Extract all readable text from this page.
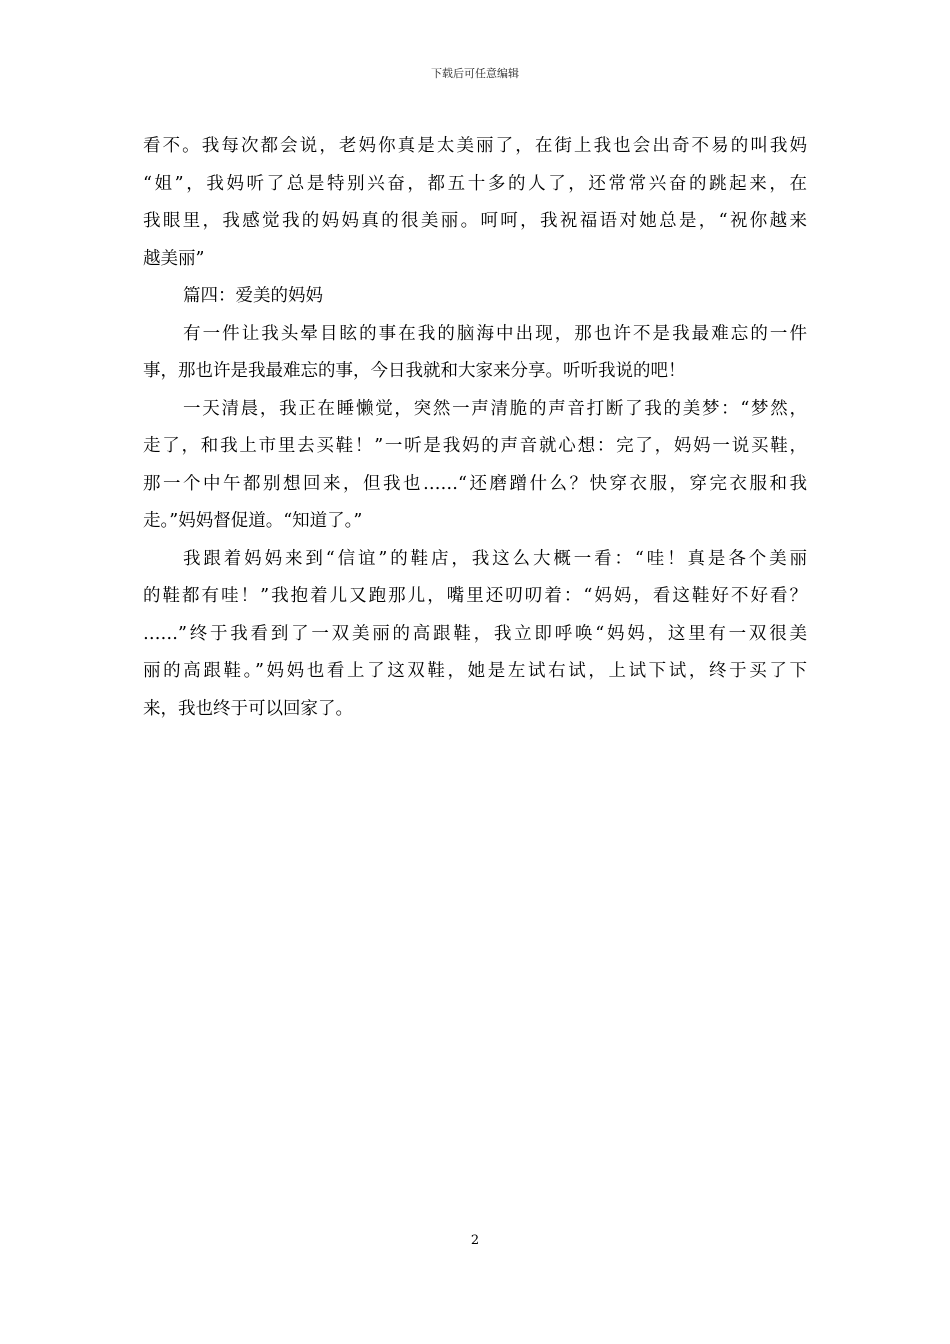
下载后可任意编辑
看不。我每次都会说，老妈你真是太美丽了，在街上我也会出奇不易的叫我妈
“姐”，我妈听了总是特别兴奋，都五十多的人了，还常常兴奋的跳起来，在
我眼里，我感觉我的妈妈真的很美丽。呵呵，我祝福语对她总是，“祝你越来
越美丽”
篇四：爱美的妈妈
有一件让我头晕目眩的事在我的脑海中出现，那也许不是我最难忘的一件
事，那也许是我最难忘的事，今日我就和大家来分享。听听我说的吧！
一天清晨，我正在睡懒觉，突然一声清脆的声音打断了我的美梦：“梦然，
走了，和我上市里去买鞋！”一听是我妈的声音就心想：完了，妈妈一说买鞋，
那一个中午都别想回来，但我也……“还磨蹭什么？快穿衣服，穿完衣服和我
走。”妈妈督促道。“知道了。”
我跟着妈妈来到“信谊”的鞋店，我这么大概一看：“哇！真是各个美丽
的鞋都有哇！”我抱着儿又跑那儿，嘴里还叨叨着：“妈妈，看这鞋好不好看？
……”终于我看到了一双美丽的高跟鞋，我立即呼唤“妈妈，这里有一双很美
丽的高跟鞋。”妈妈也看上了这双鞋，她是左试右试，上试下试，终于买了下
来，我也终于可以回家了。
2
